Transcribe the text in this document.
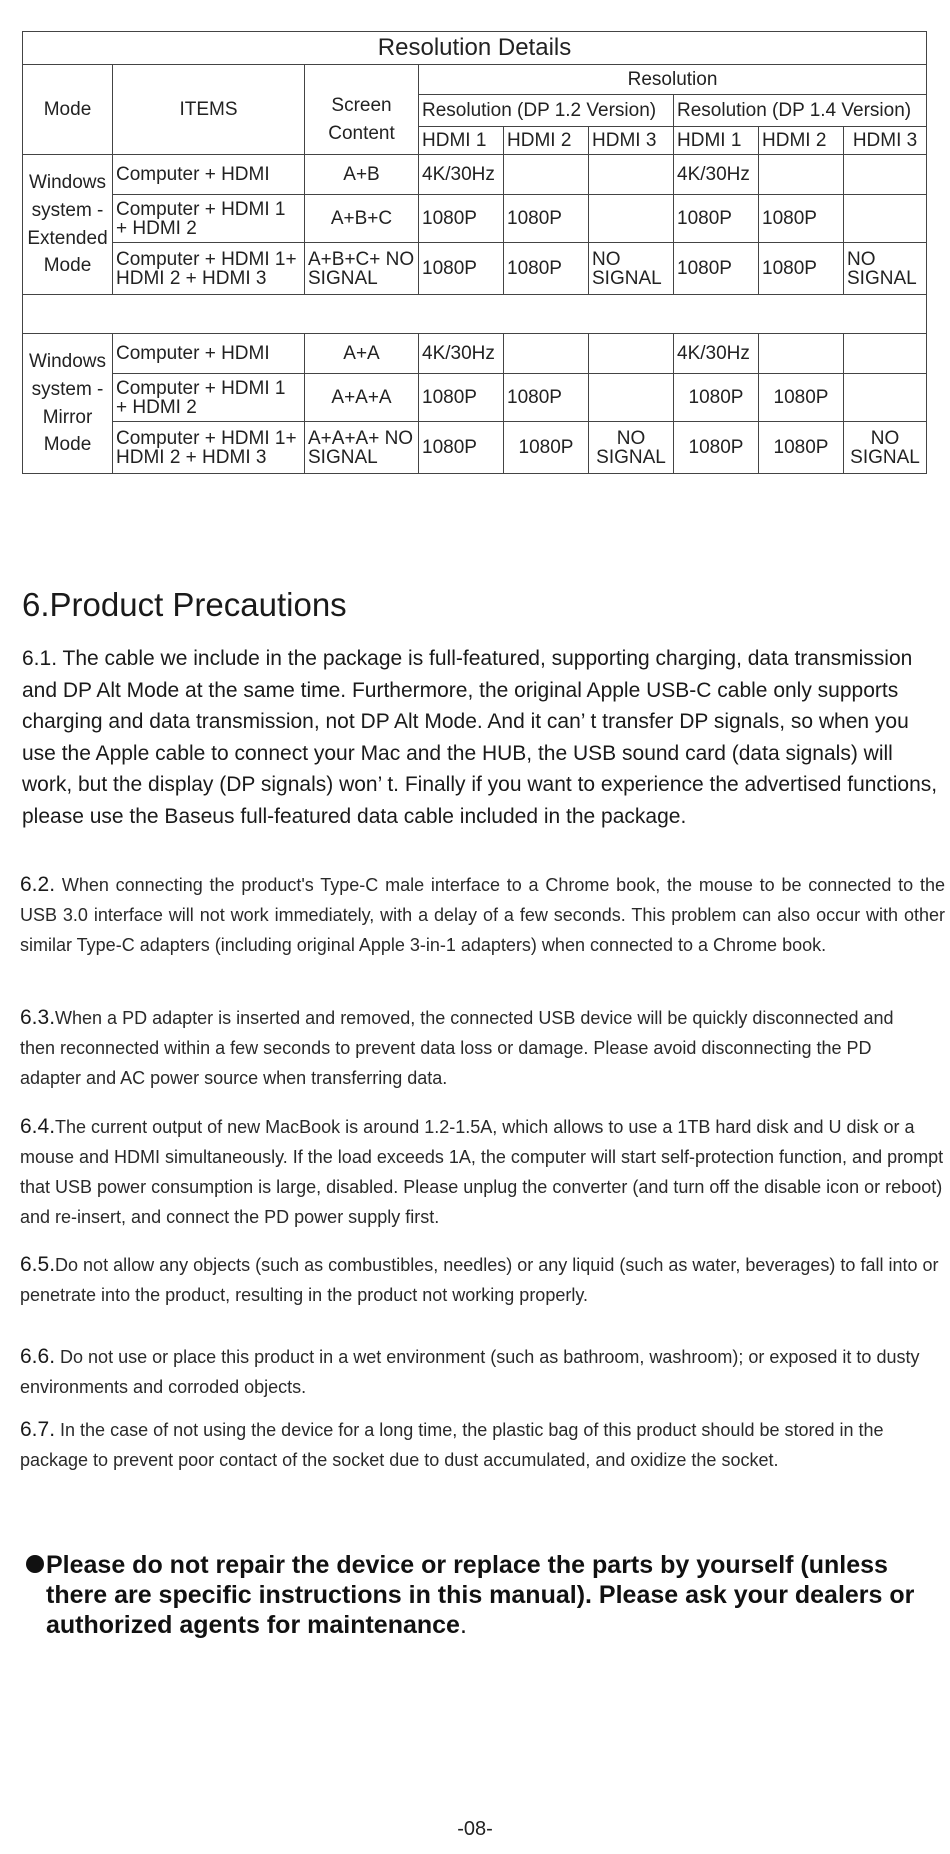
Resolution Details								
Mode	ITEMS	Screen Content	Resolution					
			Resolution (DP 1.2 Version)			Resolution (DP 1.4 Version)		
			HDMI 1	HDMI 2	HDMI 3	HDMI 1	HDMI 2	HDMI 3
Windows system - Extended Mode	Computer + HDMI	A+B	4K/30Hz			4K/30Hz		
	Computer + HDMI 1 + HDMI 2	A+B+C	1080P	1080P		1080P	1080P	
	Computer + HDMI 1+ HDMI 2 + HDMI 3	A+B+C+ NO SIGNAL	1080P	1080P	NO SIGNAL	1080P	1080P	NO SIGNAL

Windows system - Mirror Mode	Computer + HDMI	A+A	4K/30Hz			4K/30Hz		
	Computer + HDMI 1 + HDMI 2	A+A+A	1080P	1080P		1080P	1080P	
	Computer + HDMI 1+ HDMI 2 + HDMI 3	A+A+A+ NO SIGNAL	1080P	1080P	NO SIGNAL	1080P	1080P	NO SIGNAL
6.Product Precautions

6.1. The cable we include in the package is full-featured, supporting charging, data transmission and DP Alt Mode at the same time. Furthermore, the original Apple USB-C cable only supports charging and data transmission, not DP Alt Mode. And it can’ t transfer DP signals, so when you use the Apple cable to connect your Mac and the HUB, the USB sound card (data signals) will work, but the display (DP signals) won’ t. Finally if you want to experience the advertised functions, please use the Baseus full-featured data cable included in the package.

6.2. When connecting the product's Type-C male interface to a Chrome book, the mouse to be connected to the USB 3.0 interface will not work immediately, with a delay of a few seconds. This problem can also occur with other similar Type-C adapters (including original Apple 3-in-1 adapters) when connected to a Chrome book.

6.3.When a PD adapter is inserted and removed, the connected USB device will be quickly disconnected and then reconnected within a few seconds to prevent data loss or damage. Please avoid disconnecting the PD adapter and AC power source when transferring data.

6.4.The current output of new MacBook is around 1.2-1.5A, which allows to use a 1TB hard disk and U disk or a mouse and HDMI simultaneously. If the load exceeds 1A, the computer will start self-protection function, and prompt that USB power consumption is large, disabled. Please unplug the converter (and turn off the disable icon or reboot) and re-insert, and connect the PD power supply first.

6.5.Do not allow any objects (such as combustibles, needles) or any liquid (such as water, beverages) to fall into or penetrate into the product, resulting in the product not working properly.

6.6. Do not use or place this product in a wet environment (such as bathroom, washroom); or exposed it to dusty environments and corroded objects.

6.7. In the case of not using the device for a long time, the plastic bag of this product should be stored in the package to prevent poor contact of the socket due to dust accumulated, and oxidize the socket.

Please do not repair the device or replace the parts by yourself (unless there are specific instructions in this manual). Please ask your dealers or authorized agents for maintenance.
-08-
